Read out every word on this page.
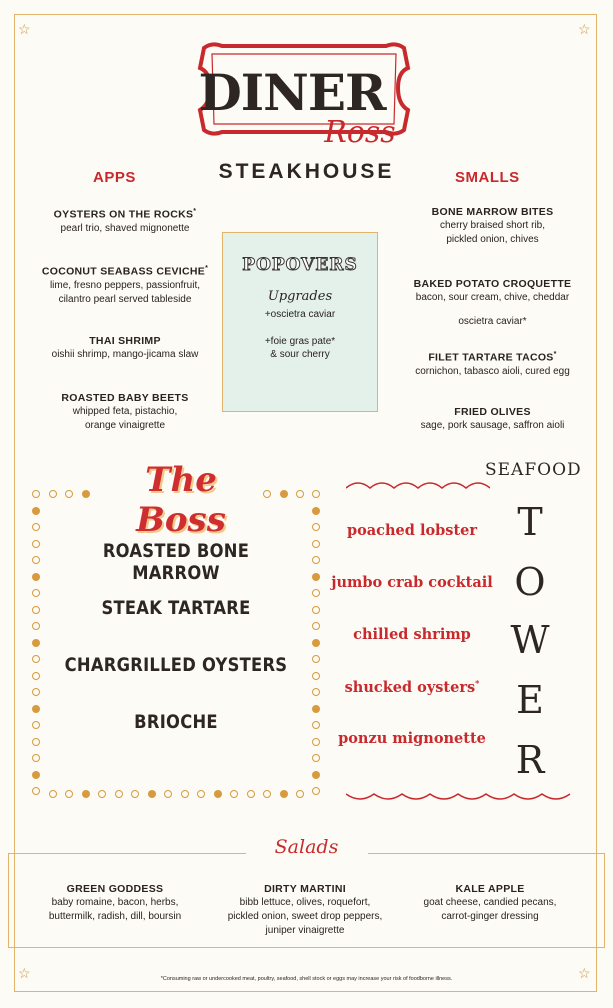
☆	☆
☆	☆
DINER
Ross
STEAKHOUSE
APPS
OYSTERS ON THE ROCKS*
pearl trio, shaved mignonette
COCONUT SEABASS CEVICHE*
lime, fresno peppers, passionfruit,
cilantro pearl served tableside
THAI SHRIMP
oishii shrimp, mango-jicama slaw
ROASTED BABY BEETS
whipped feta, pistachio,
orange vinaigrette
POPOVERS
Upgrades
+oscietra caviar
+foie gras pate*
& sour cherry
SMALLS
BONE MARROW BITES
cherry braised short rib,
pickled onion, chives
BAKED POTATO CROQUETTE
bacon, sour cream, chive, cheddar
oscietra caviar*
FILET TARTARE TACOS*
cornichon, tabasco aioli, cured egg
FRIED OLIVES
sage, pork sausage, saffron aioli
The Boss
ROASTED BONE MARROW
STEAK TARTARE
CHARGRILLED OYSTERS
BRIOCHE
SEAFOOD
T
O
W
E
R
poached lobster
jumbo crab cocktail
chilled shrimp
shucked oysters*
ponzu mignonette
Salads
GREEN GODDESS
baby romaine, bacon, herbs,
buttermilk, radish, dill, boursin
DIRTY MARTINI
bibb lettuce, olives, roquefort,
pickled onion, sweet drop peppers,
juniper vinaigrette
KALE APPLE
goat cheese, candied pecans,
carrot-ginger dressing
*Consuming raw or undercooked meat, poultry, seafood, shell stock or eggs may increase your risk of foodborne illness.
